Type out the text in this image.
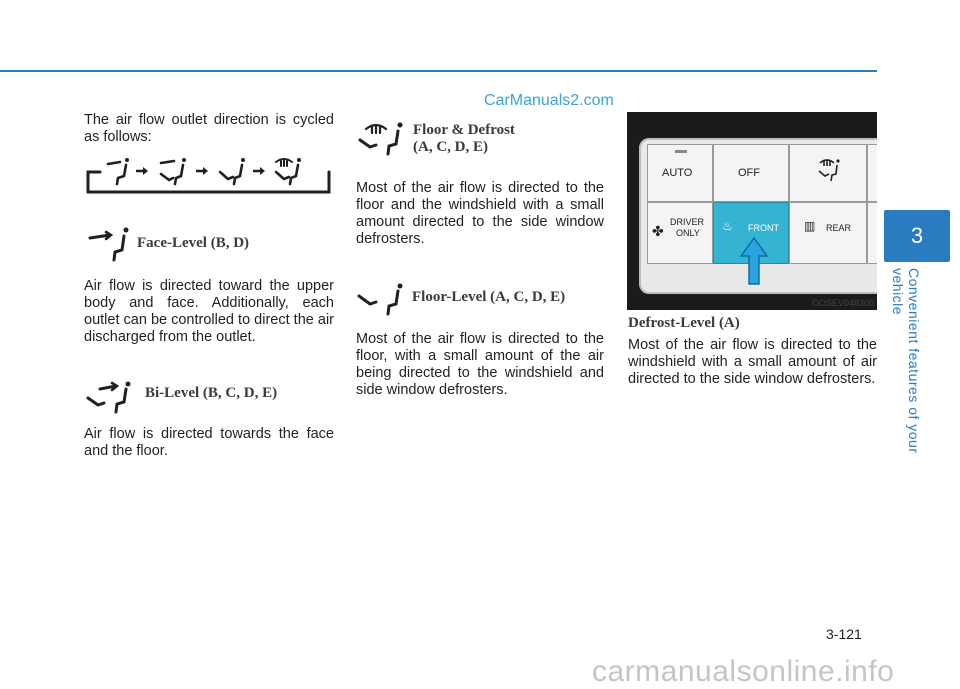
CarManuals2.com

The air flow outlet direction is cycled as follows:

Face-Level (B, D)

Air flow is directed toward the upper body and face. Additionally, each outlet can be controlled to direct the air discharged from the outlet.

Bi-Level (B, C, D, E)

Air flow is directed towards the face and the floor.

Floor & Defrost
(A, C, D, E)

Most of the air flow is directed to the floor and the windshield with a small amount directed to the side window defrosters.

Floor-Level (A, C, D, E)

Most of the air flow is directed to the floor, with a small amount of the air being directed to the windshield and side window defrosters.

AUTO	OFF
✤
DRIVER
ONLY ♨ FRONT ▥ REAR
OOSEV048305
Defrost-Level (A)

Most of the air flow is directed to the windshield with a small amount of air directed to the side window defrosters.

3
Convenient features of your vehicle
3-121
carmanualsonline.info
